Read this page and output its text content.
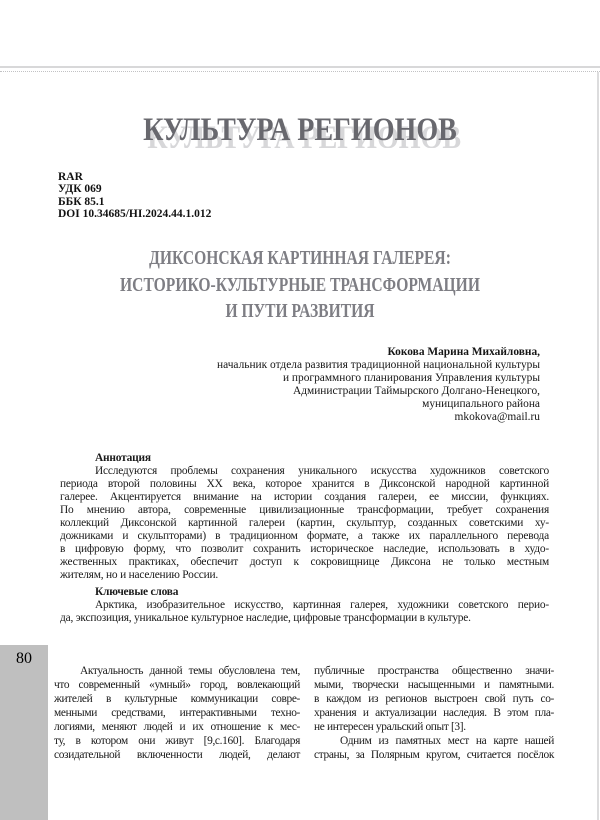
КУЛЬТУРА РЕГИОНОВ
RAR
УДК 069
ББК 85.1
DOI 10.34685/HI.2024.44.1.012
ДИКСОНСКАЯ КАРТИННАЯ ГАЛЕРЕЯ:
ИСТОРИКО-КУЛЬТУРНЫЕ ТРАНСФОРМАЦИИ
И ПУТИ РАЗВИТИЯ
Кокова Марина Михайловна,
начальник отдела развития традиционной национальной культуры
и программного планирования Управления культуры
Администрации Таймырского Долгано-Ненецкого,
муниципального района
mkokova@mail.ru
Аннотация
Исследуются проблемы сохранения уникального искусства художников советского
периода второй половины XX века, которое хранится в Диксонской народной картинной
галерее. Акцентируется внимание на истории создания галереи, ее миссии, функциях.
По мнению автора, современные цивилизационные трансформации, требует сохранения
коллекций Диксонской картинной галереи (картин, скульптур, созданных советскими ху-
дожниками и скульпторами) в традиционном формате, а также их параллельного перевода
в цифровую форму, что позволит сохранить историческое наследие, использовать в худо-
жественных практиках, обеспечит доступ к сокровищнице Диксона не только местным
жителям, но и населению России.
Ключевые слова
Арктика, изобразительное искусство, картинная галерея, художники советского перио-
да, экспозиция, уникальное культурное наследие, цифровые трансформации в культуре.
Актуальность данной темы обусловлена тем,
что современный «умный» город, вовлекающий
жителей в культурные коммуникации совре-
менными средствами, интерактивными техно-
логиями, меняют людей и их отношение к мес-
ту, в котором они живут [9,с.160]. Благодаря
созидательной включенности людей, делают
публичные пространства общественно значи-
мыми, творчески насыщенными и памятными.
в каждом из регионов выстроен свой путь со-
хранения и актуализации наследия. В этом пла-
не интересен уральский опыт [3].
Одним из памятных мест на карте нашей
страны, за Полярным кругом, считается посёлок
80
